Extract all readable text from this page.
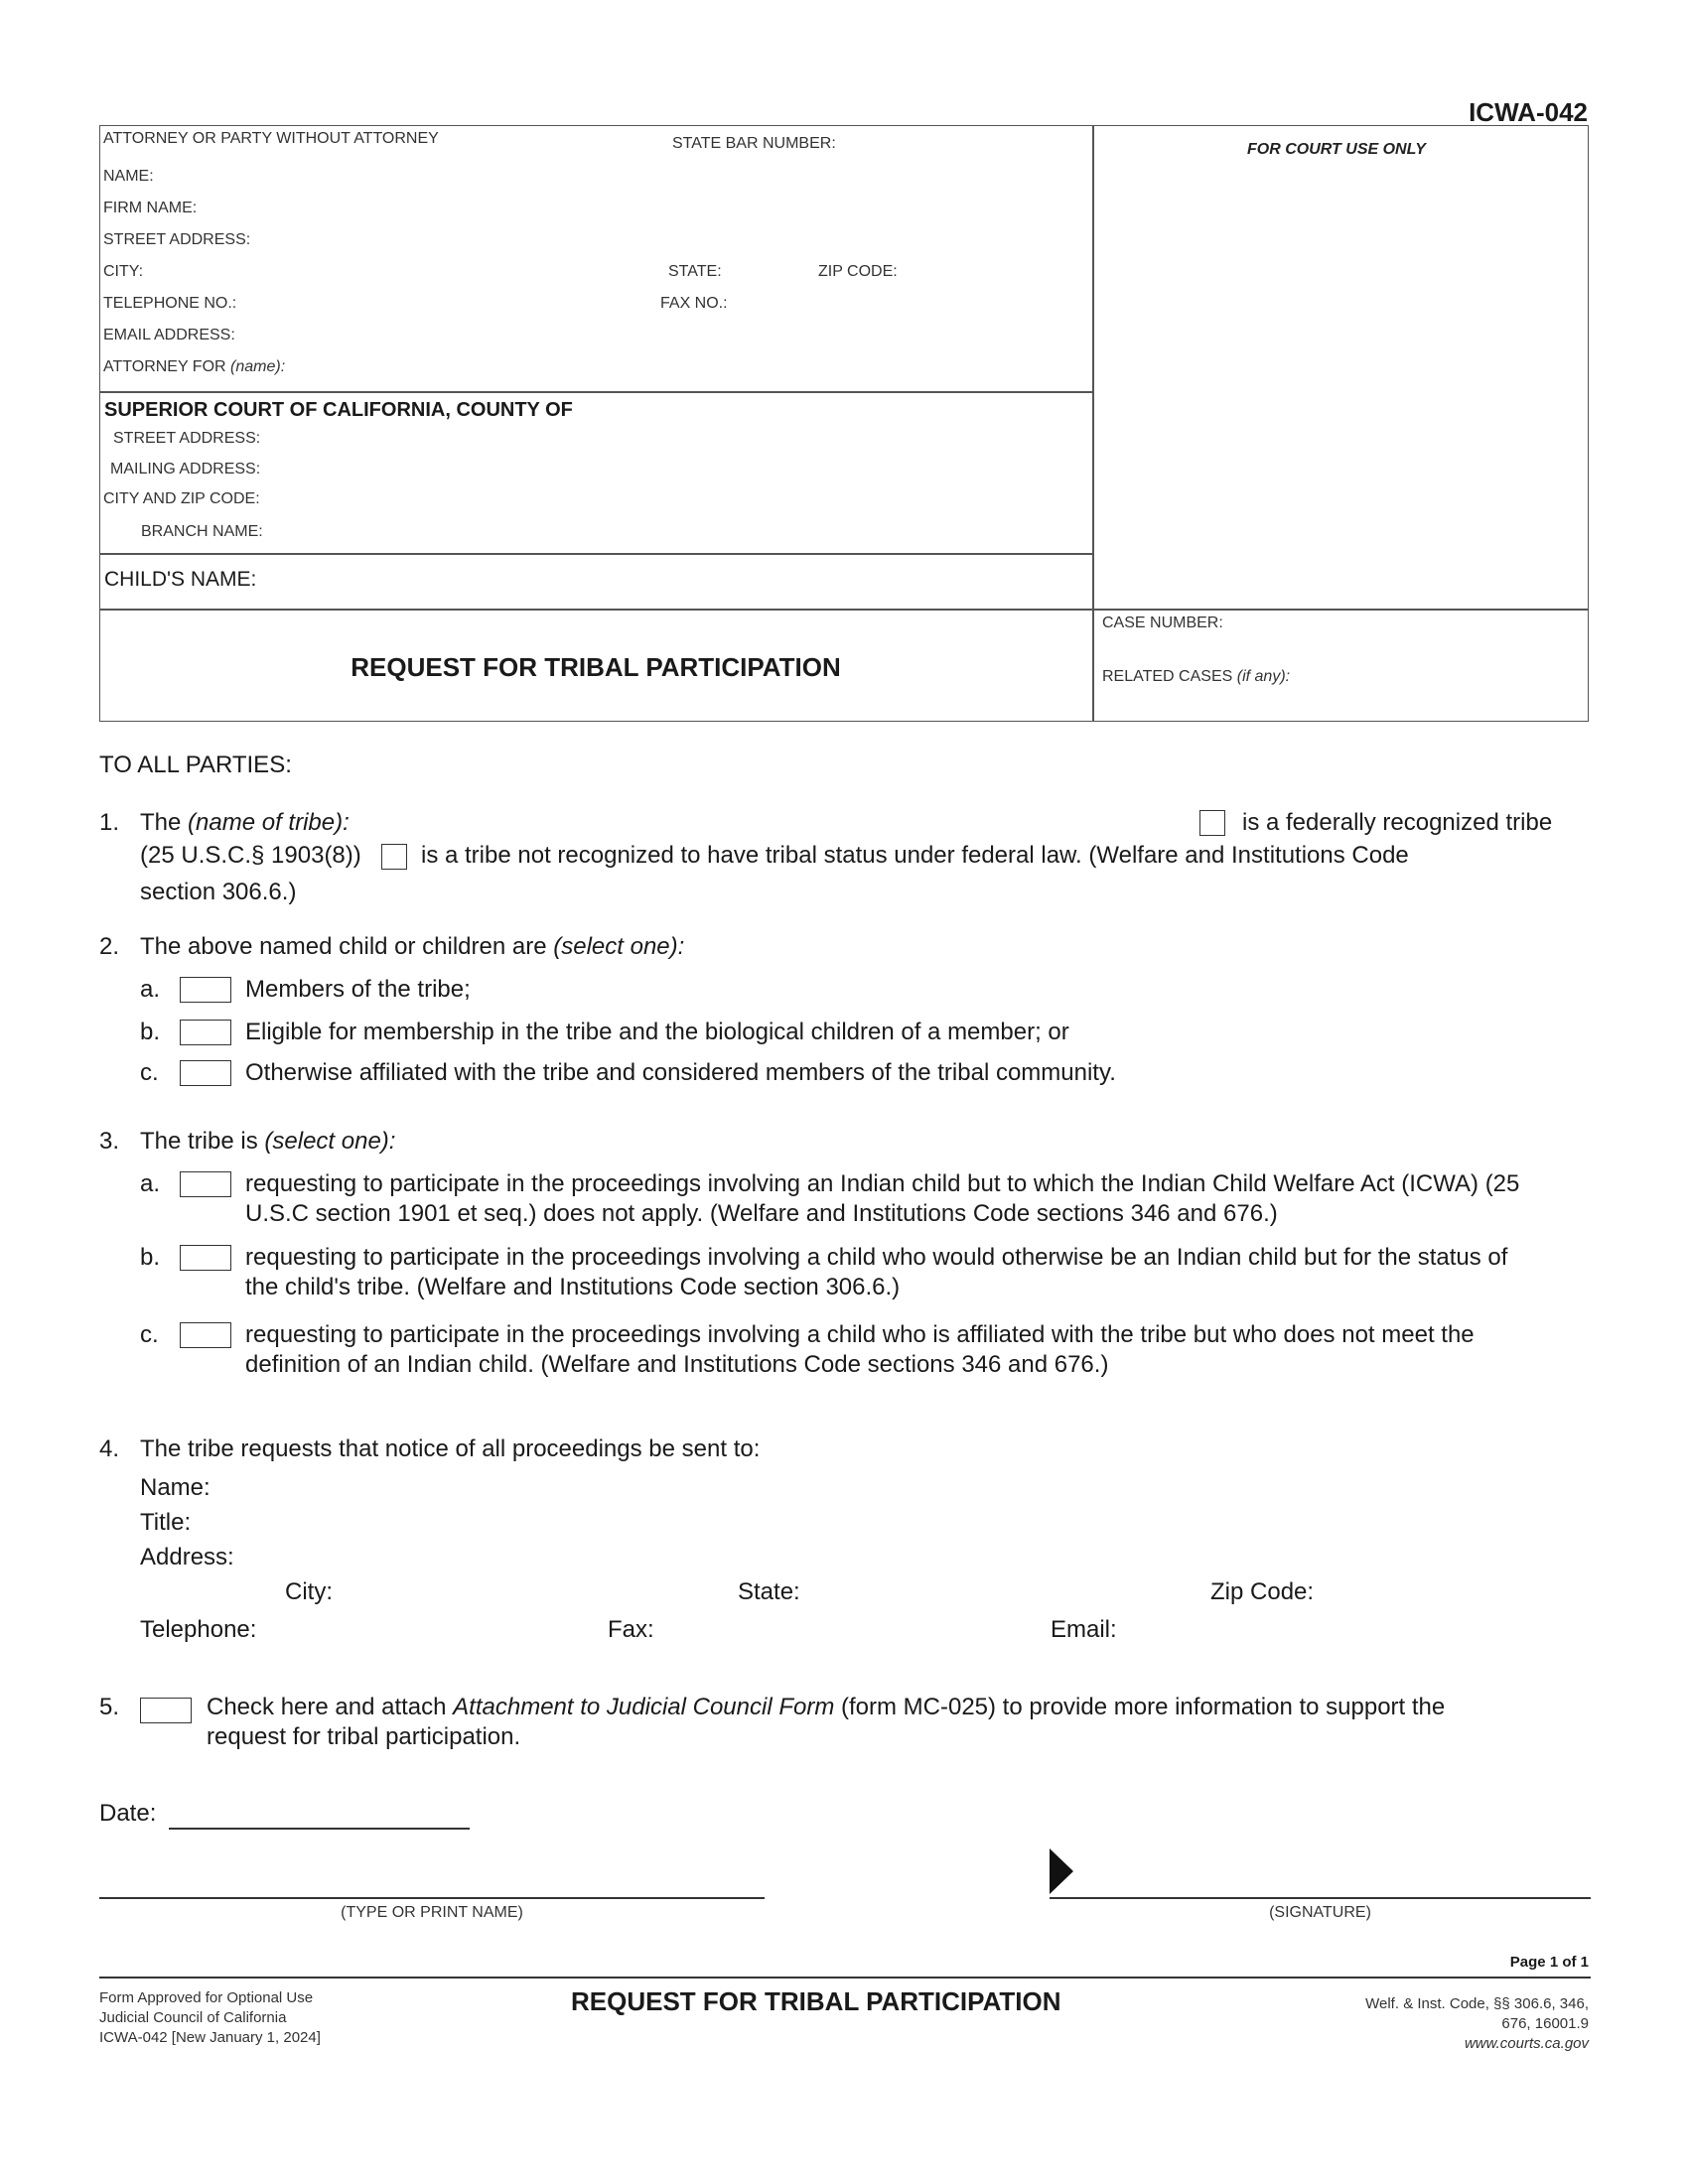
ICWA-042
ATTORNEY OR PARTY WITHOUT ATTORNEY	STATE BAR NUMBER:
NAME:
FIRM NAME:
STREET ADDRESS:
CITY:	STATE:	ZIP CODE:
TELEPHONE NO.:	FAX NO.:
EMAIL ADDRESS:
ATTORNEY FOR (name):
FOR COURT USE ONLY
SUPERIOR COURT OF CALIFORNIA, COUNTY OF
STREET ADDRESS:
MAILING ADDRESS:
CITY AND ZIP CODE:
BRANCH NAME:
CHILD'S NAME:
REQUEST FOR TRIBAL PARTICIPATION
CASE NUMBER:
RELATED CASES (if any):
TO ALL PARTIES:
1. The (name of tribe):	is a federally recognized tribe
(25 U.S.C.§ 1903(8))	is a tribe not recognized to have tribal status under federal law. (Welfare and Institutions Code
section 306.6.)
2. The above named child or children are (select one):
a.	Members of the tribe;
b.	Eligible for membership in the tribe and the biological children of a member; or
c.	Otherwise affiliated with the tribe and considered members of the tribal community.
3. The tribe is (select one):
a.	requesting to participate in the proceedings involving an Indian child but to which the Indian Child Welfare Act (ICWA) (25
U.S.C section 1901 et seq.) does not apply. (Welfare and Institutions Code sections 346 and 676.)
b.	requesting to participate in the proceedings involving a child who would otherwise be an Indian child but for the status of
the child's tribe. (Welfare and Institutions Code section 306.6.)
c.	requesting to participate in the proceedings involving a child who is affiliated with the tribe but who does not meet the
definition of an Indian child. (Welfare and Institutions Code sections 346 and 676.)
4. The tribe requests that notice of all proceedings be sent to:
Name:
Title:
Address:
City:	State:	Zip Code:
Telephone:	Fax:	Email:
5.	Check here and attach Attachment to Judicial Council Form (form MC-025) to provide more information to support the
request for tribal participation.
Date:
(TYPE OR PRINT NAME)	(SIGNATURE)
Page 1 of 1
Form Approved for Optional Use
Judicial Council of California
ICWA-042 [New January 1, 2024]
REQUEST FOR TRIBAL PARTICIPATION	Welf. & Inst. Code, §§ 306.6, 346,
676, 16001.9
www.courts.ca.gov
